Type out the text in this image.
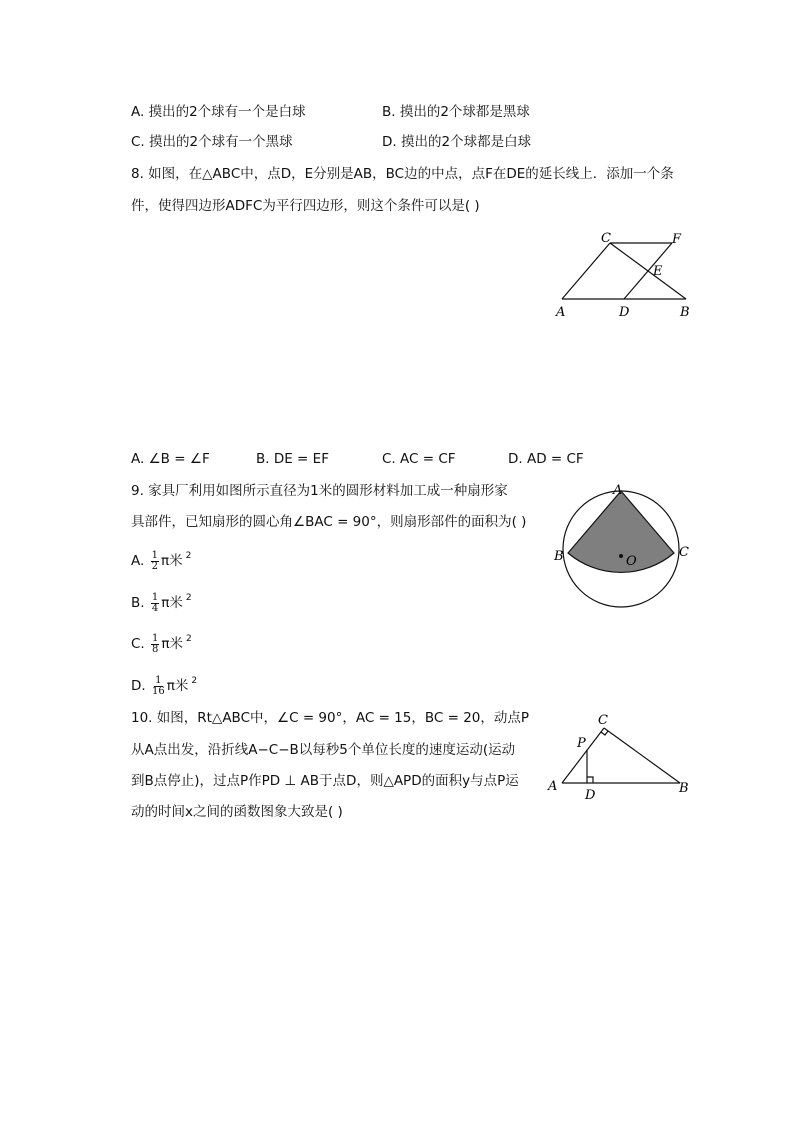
A. 摸出的2个球有一个是白球	B. 摸出的2个球都是黑球
C. 摸出的2个球有一个黑球	D. 摸出的2个球都是白球
8. 如图，在△ABC中，点D，E分别是AB，BC边的中点，点F在DE的延长线上．添加一个条
件，使得四边形ADFC为平行四边形，则这个条件可以是( )
C	F
E
A	D	B
A. ∠B = ∠F	B. DE = EF	C. AC = CF	D. AD = CF
9. 家具厂利用如图所示直径为1米的圆形材料加工成一种扇形家
具部件，已知扇形的圆心角∠BAC = 90°，则扇形部件的面积为( )
A
B	C
O
A. $\frac{1}{2}$ π米 $^2$
B. $\frac{1}{4}$ π米 $^2$
C. $\frac{1}{8}$ π米 $^2$
D. $\frac{1}{16}$ π米 $^2$
10. 如图，Rt△ABC中，∠C = 90°，AC = 15，BC = 20，动点P
从A点出发，沿折线A−C−B以每秒5个单位长度的速度运动(运动
到B点停止)，过点P作PD ⊥ AB于点D，则△APD的面积y与点P运
动的时间x之间的函数图象大致是( )
C
P
A
D	B
